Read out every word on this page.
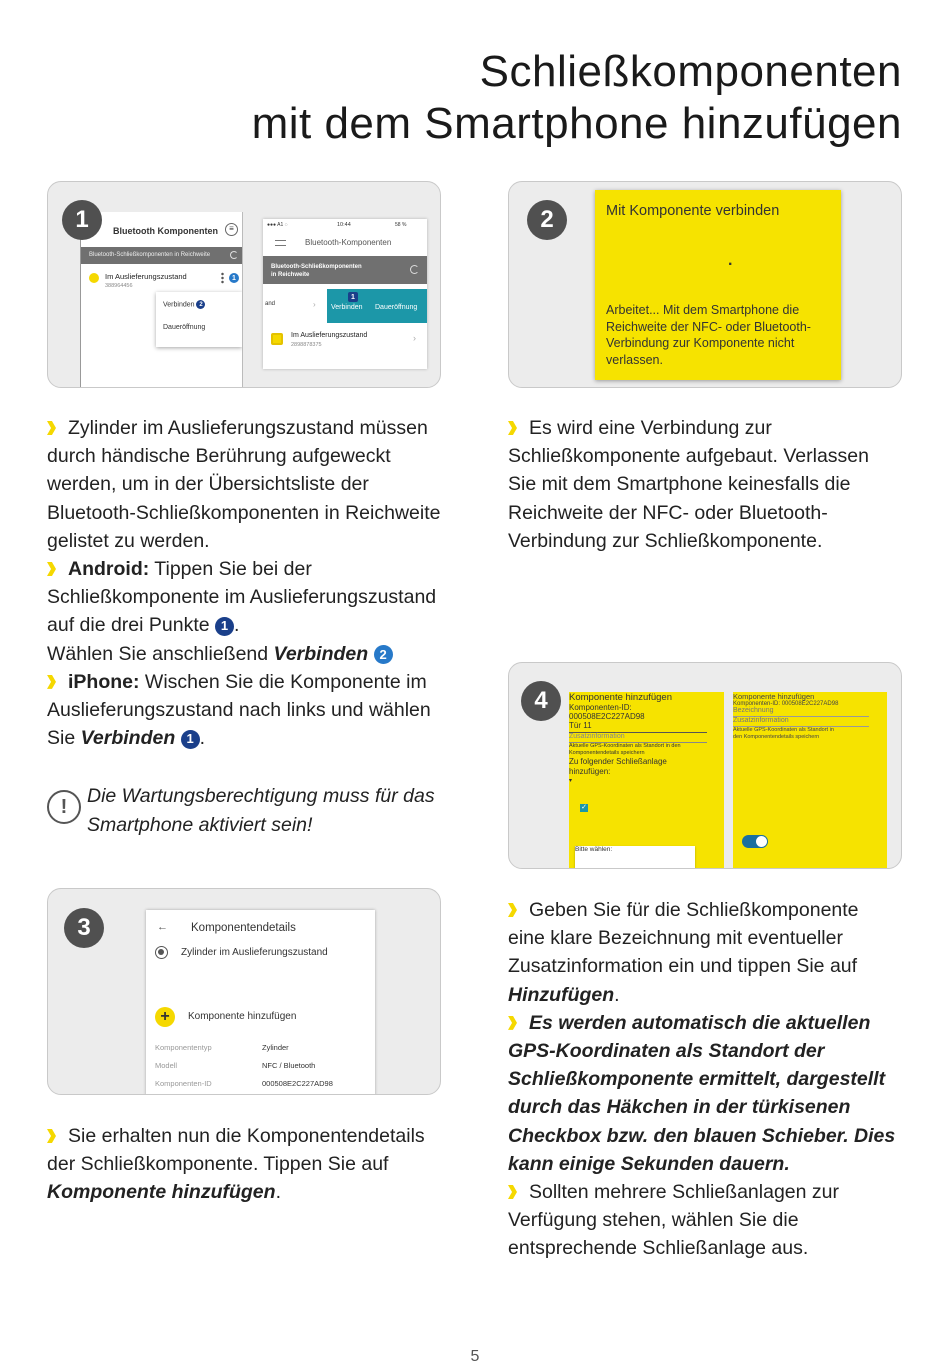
Schließkomponenten
mit dem Smartphone hinzufügen
1	Bluetooth Komponenten	≡
Bluetooth-Schließkomponenten in Reichweite
Im Auslieferungszustand
388964456
1
Verbinden 2
Daueröffnung
●●● A1 ◌	10:44	58 %
Bluetooth-Komponenten
Bluetooth-Schließkomponenten
in Reichweite
and	›
1
Verbinden Daueröffnung
Im Auslieferungszustand
2898878375
›
2	Mit Komponente verbinden
.
Arbeitet... Mit dem Smartphone die Reichweite der NFC- oder Bluetooth-Verbindung zur Komponente nicht verlassen.
Zylinder im Auslieferungszustand müssen durch händische Berührung aufgeweckt werden, um in der Übersichtsliste der Bluetooth-Schließkomponenten in Reichweite gelistet zu werden.
Android: Tippen Sie bei der Schließkomponente im Auslieferungszustand auf die drei Punkte 1 .
Wählen Sie anschließend Verbinden 2
iPhone: Wischen Sie die Komponente im Auslieferungszustand nach links und wählen Sie Verbinden 1 .
!	Die Wartungsberechtigung muss für das
Smartphone aktiviert sein!
Es wird eine Verbindung zur Schließkomponente aufgebaut. Verlassen Sie mit dem Smartphone keinesfalls die Reichweite der NFC- oder Bluetooth-Verbindung zur Schließkomponente.
4	Komponente hinzufügen
Komponenten-ID:
000508E2C227AD98
Tür 11
Zusatzinformation
✓
Aktuelle GPS-Koordinaten als Standort in den Komponentendetails speichern
Zu folgender Schließanlage hinzufügen:
Bitte wählen:
▾
Komponente hinzufügen
Komponenten-ID: 000508E2C227AD98
Bezeichnung
Zusatzinformation
Aktuelle GPS-Koordinaten als Standort in den Komponentendetails speichern
3	← Komponentendetails
Zylinder im Auslieferungszustand
+	Komponente hinzufügen
Komponententyp	Zylinder
Modell	NFC / Bluetooth
Komponenten-ID	000508E2C227AD98
Sie erhalten nun die Komponentendetails der Schließkomponente. Tippen Sie auf Komponente hinzufügen.
Geben Sie für die Schließkomponente eine klare Bezeichnung mit eventueller Zusatzinformation ein und tippen Sie auf Hinzufügen.
Es werden automatisch die aktuellen GPS-Koordinaten als Standort der Schließkomponente ermittelt, dargestellt durch das Häkchen in der türkisenen Checkbox bzw. den blauen Schieber. Dies kann einige Sekunden dauern.
Sollten mehrere Schließanlagen zur Verfügung stehen, wählen Sie die entsprechende Schließanlage aus.
5
